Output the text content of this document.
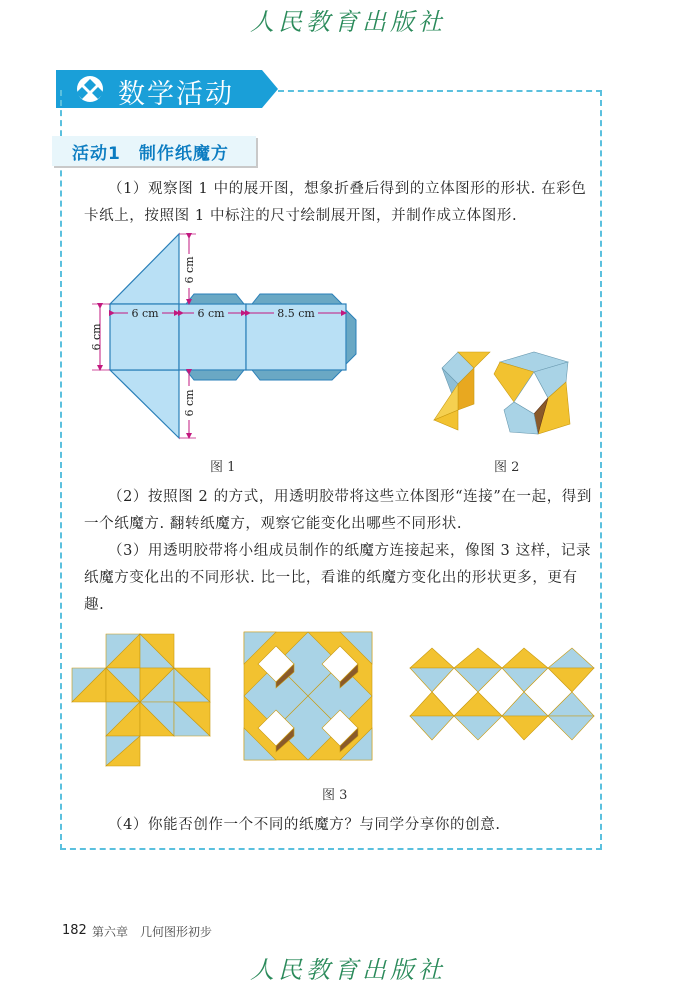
人民教育出版社
数学活动
活动1　制作纸魔方
（1）观察图 1 中的展开图，想象折叠后得到的立体图形的形状. 在彩色卡纸上，按照图 1 中标注的尺寸绘制展开图，并制作成立体图形.
6 cm	6 cm	8.5 cm
6 cm
6 cm
6 cm
图 1	图 2
（2）按照图 2 的方式，用透明胶带将这些立体图形“连接”在一起，得到一个纸魔方. 翻转纸魔方，观察它能变化出哪些不同形状.
（3）用透明胶带将小组成员制作的纸魔方连接起来，像图 3 这样，记录纸魔方变化出的不同形状. 比一比，看谁的纸魔方变化出的形状更多，更有趣.
图 3
（4）你能否创作一个不同的纸魔方？与同学分享你的创意.
182 第六章　几何图形初步
人民教育出版社
